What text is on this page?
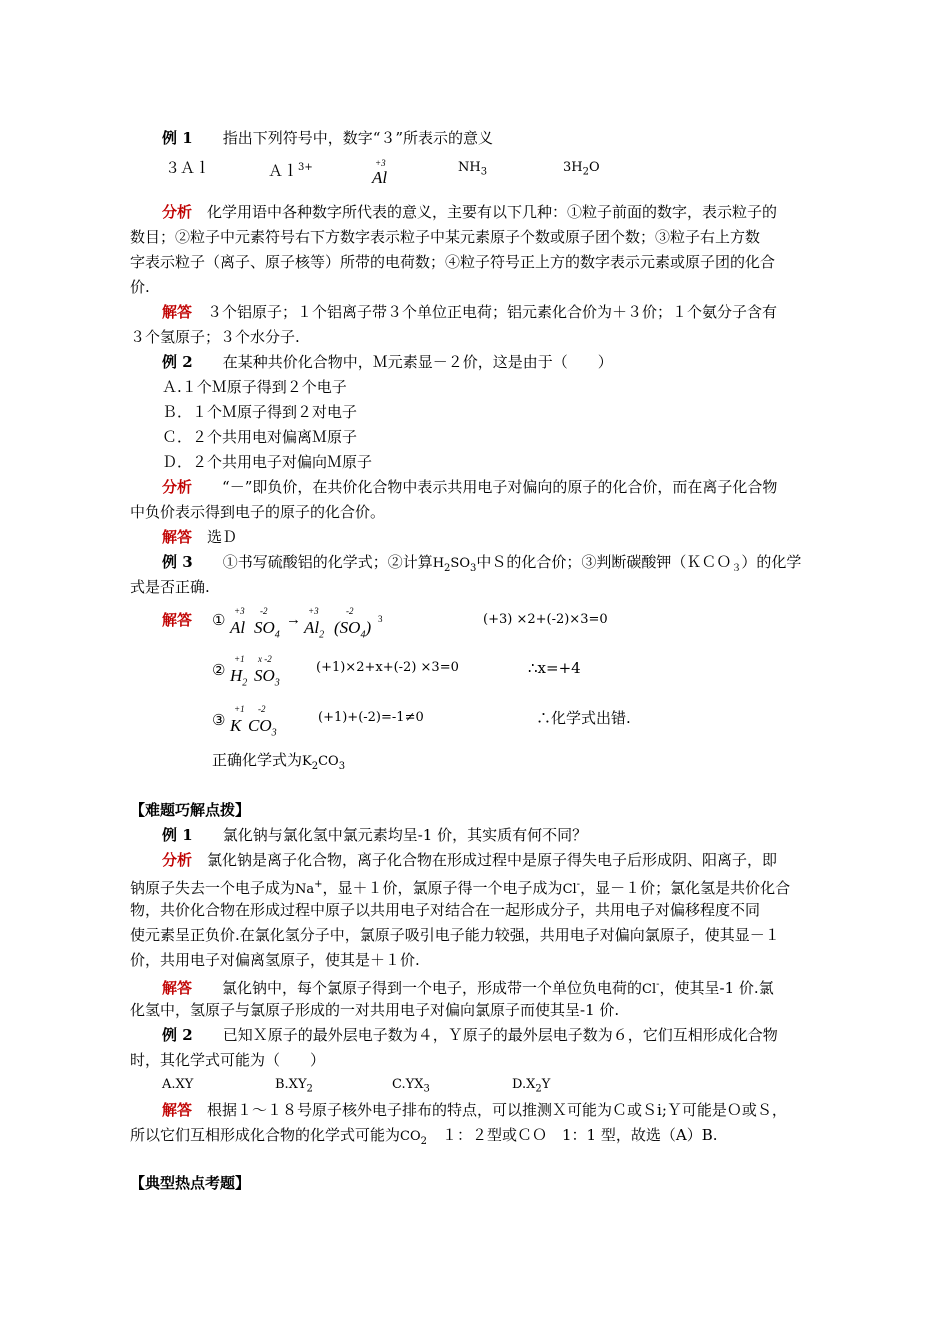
例 1　　 指出下列符号中，数字“３”所表示的意义
３Ａｌ	Ａｌ$^{3+}$	+3
Al
$NH_3$	$3H_2O$
分析　 化学用语中各种数字所代表的意义，主要有以下几种：①粒子前面的数字，表示粒子的
数目；②粒子中元素符号右下方数字表示粒子中某元素原子个数或原子团个数；③粒子右上方数
字表示粒子（离子、原子核等）所带的电荷数；④粒子符号正上方的数字表示元素或原子团的化合
价.
解答　 ３个铝原子；１个铝离子带３个单位正电荷；铝元素化合价为＋３价；１个氨分子含有
３个氢原子；３个水分子.
例 2　　 在某种共价化合物中，Ｍ元素显－２价，这是由于（　　）
Ａ.１个Ｍ原子得到２个电子
Ｂ．１个Ｍ原子得到２对电子
Ｃ．２个共用电对偏离Ｍ原子
Ｄ．２个共用电子对偏向Ｍ原子
分析　　 “－”即负价，在共价化合物中表示共用电子对偏向的原子的化合价，而在离子化合物
中负价表示得到电子的原子的化合价。
解答　 选Ｄ
例 3　　 ①书写硫酸铝的化学式；②计算$H_2SO_3$中Ｓ的化合价；③判断碳酸钾（ＫＣＯ$_3$）的化学
式是否正确.
解答 ① +3
Al
-2
$SO_4$
→
+3
$Al_2$
-2
$(SO_4)$ 3	(+3) ×2+(-2)×3=0
②
+1
$H_2$
x -2
$SO_3$
(+1)×2+x+(-2) ×3=0	∴x=+4
③
+1
K
-2
$CO_3$
(+1)+(-2)=-1≠0	∴化学式出错.
正确化学式为$K_2CO_3$
【难题巧解点拨】
例 1　　 氯化钠与氯化氢中氯元素均呈-1 价，其实质有何不同？
分析　 氯化钠是离子化合物，离子化合物在形成过程中是原子得失电子后形成阴、阳离子，即
钠原子失去一个电子成为Na+，显＋１价，氯原子得一个电子成为Cl-，显－１价；氯化氢是共价化合
物，共价化合物在形成过程中原子以共用电子对结合在一起形成分子，共用电子对偏移程度不同
使元素呈正负价.在氯化氢分子中，氯原子吸引电子能力较强，共用电子对偏向氯原子，使其显－１
价，共用电子对偏离氢原子，使其是＋１价.
解答　　 氯化钠中，每个氯原子得到一个电子，形成带一个单位负电荷的Cl-，使其呈-1 价.氯
化氢中，氢原子与氯原子形成的一对共用电子对偏向氯原子而使其呈-1 价.
例 2　　 已知Ｘ原子的最外层电子数为４，Ｙ原子的最外层电子数为６，它们互相形成化合物
时，其化学式可能为（　　）
A.XY	$B.XY_2$	$C.YX_3$	$D.X_2Y$
解答　 根据１～１８号原子核外电子排布的特点，可以推测Ｘ可能为Ｃ或Ｓi;Ｙ可能是Ｏ或Ｓ，
所以它们互相形成化合物的化学式可能为$CO_2$　１：２型或ＣＯ　1：1 型，故选（A）B.
【典型热点考题】
